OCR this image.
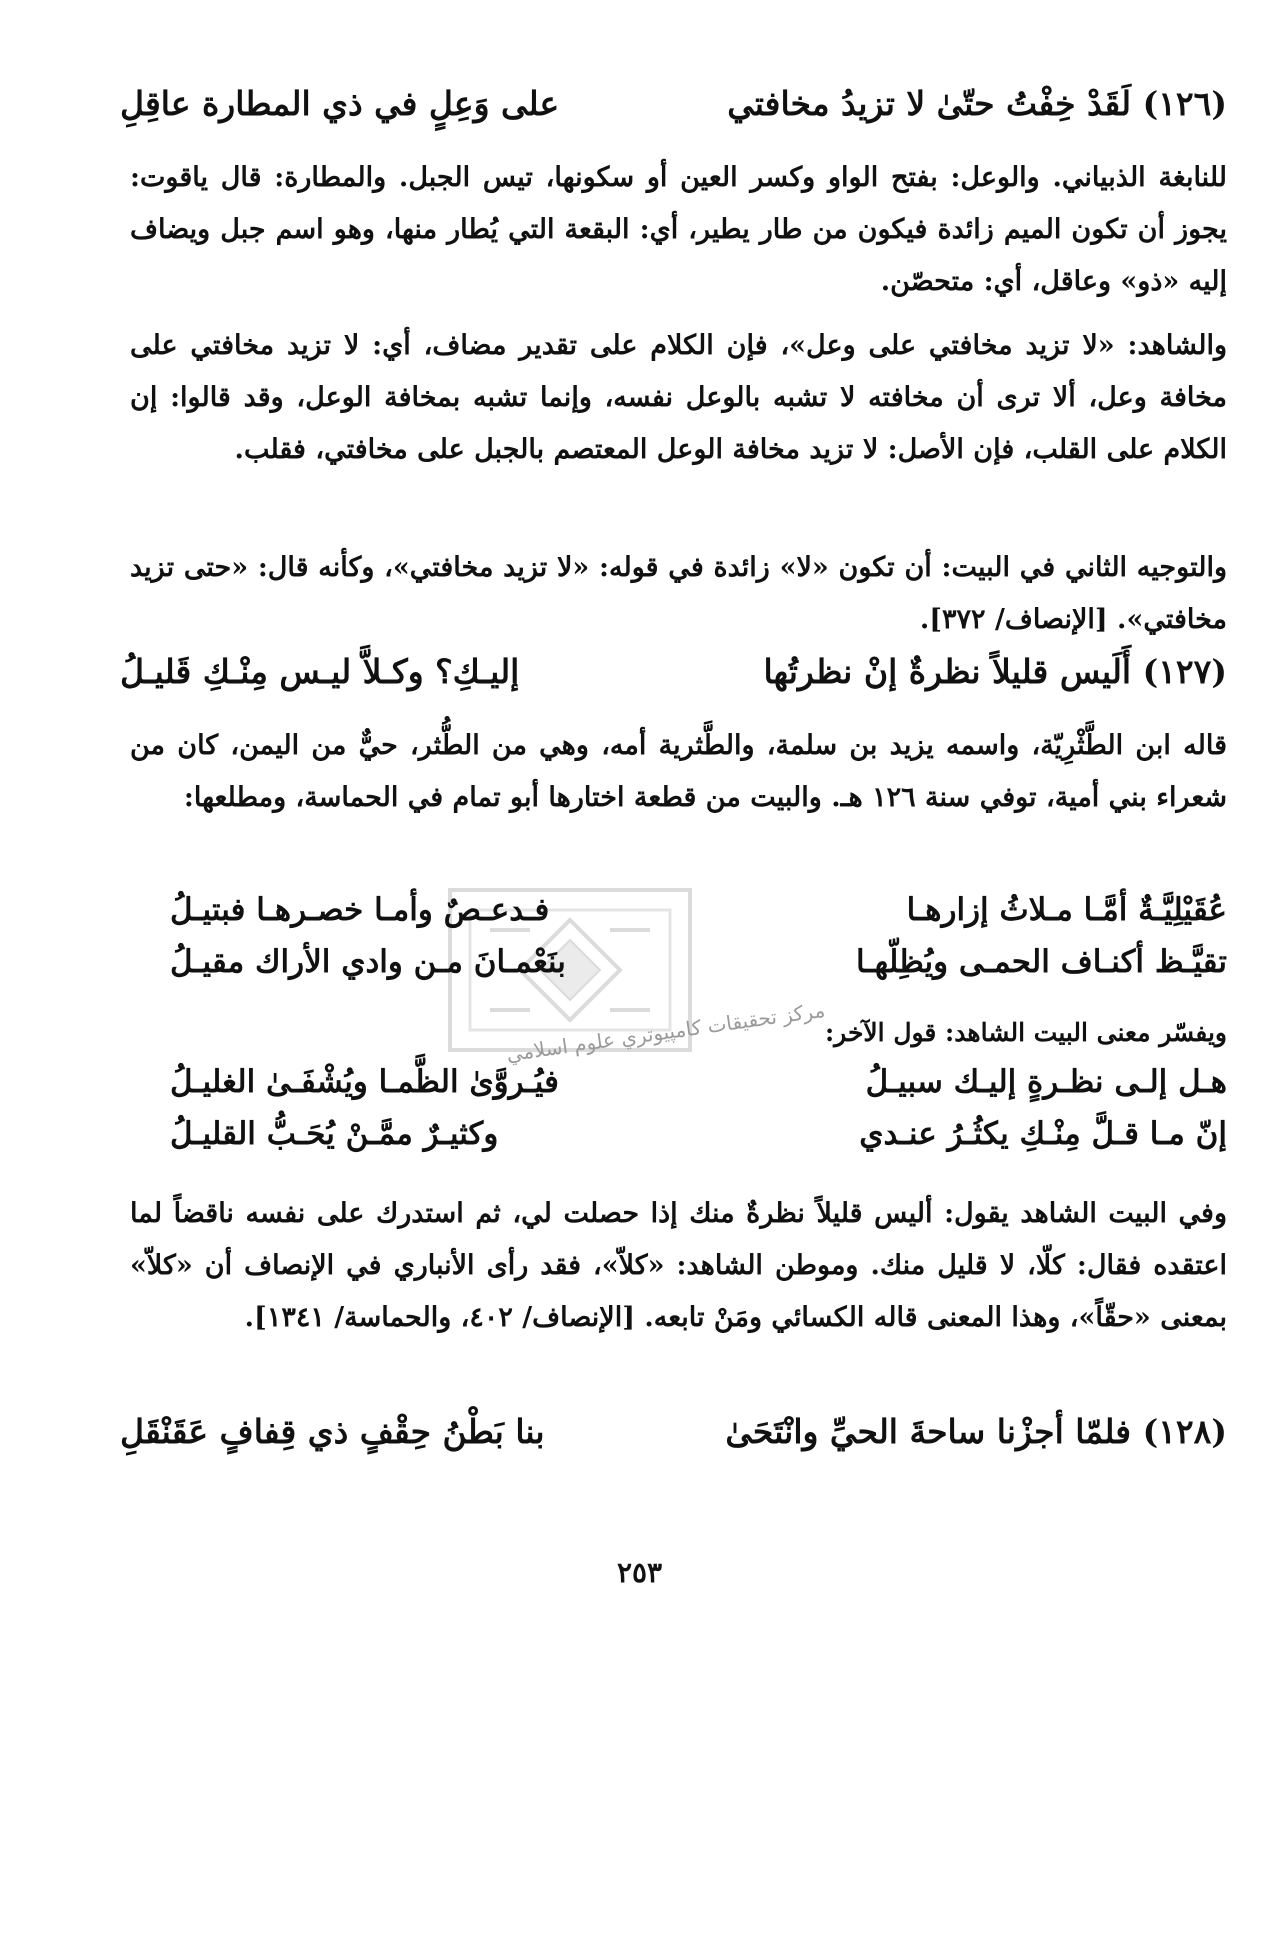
(١٢٦) لَقَدْ خِفْتُ حتّىٰ لا تزيدُ مخافتي
على وَعِلٍ في ذي المطارة عاقِلِ
للنابغة الذبياني. والوعل: بفتح الواو وكسر العين أو سكونها، تيس الجبل. والمطارة: قال ياقوت: يجوز أن تكون الميم زائدة فيكون من طار يطير، أي: البقعة التي يُطار منها، وهو اسم جبل ويضاف إليه «ذو» وعاقل، أي: متحصّن.
والشاهد: «لا تزيد مخافتي على وعل»، فإن الكلام على تقدير مضاف، أي: لا تزيد مخافتي على مخافة وعل، ألا ترى أن مخافته لا تشبه بالوعل نفسه، وإنما تشبه بمخافة الوعل، وقد قالوا: إن الكلام على القلب، فإن الأصل: لا تزيد مخافة الوعل المعتصم بالجبل على مخافتي، فقلب.
والتوجيه الثاني في البيت: أن تكون «لا» زائدة في قوله: «لا تزيد مخافتي»، وكأنه قال: «حتى تزيد مخافتي». [الإنصاف/ ٣٧٢].
(١٢٧) أَلَيس قليلاً نظرةٌ إنْ نظرتُها
إليـكِ؟ وكـلاَّ ليـس مِنْـكِ قَليـلُ
قاله ابن الطَّثْرِيّة، واسمه يزيد بن سلمة، والطَّثرية أمه، وهي من الطُّثر، حيٌّ من اليمن، كان من شعراء بني أمية، توفي سنة ١٢٦ هـ. والبيت من قطعة اختارها أبو تمام في الحماسة، ومطلعها:
مركز تحقيقات كامپيوتري علوم اسلامي
عُقَيْلِيَّـةٌ أمَّـا مـلاثُ إزارهـا
فـدعـصٌ وأمـا خصـرهـا فبتيـلُ
تقيَّـظ أكنـاف الحمـى ويُظِلّهـا
بنَعْمـانَ مـن وادي الأراك مقيـلُ
ويفسّر معنى البيت الشاهد: قول الآخر:
هـل إلـى نظـرةٍ إليـك سبيـلُ
فيُـروَّىٰ الظَّمـا ويُشْفَـىٰ الغليـلُ
إنّ مـا قـلَّ مِنْـكِ يكثُـرُ عنـدي
وكثيـرٌ ممَّـنْ يُحَـبُّ القليـلُ
وفي البيت الشاهد يقول: أليس قليلاً نظرةٌ منك إذا حصلت لي، ثم استدرك على نفسه ناقضاً لما اعتقده فقال: كلّا، لا قليل منك. وموطن الشاهد: «كلاّ»، فقد رأى الأنباري في الإنصاف أن «كلاّ» بمعنى «حقّاً»، وهذا المعنى قاله الكسائي ومَنْ تابعه. [الإنصاف/ ٤٠٢، والحماسة/ ١٣٤١].
(١٢٨) فلمّا أجزْنا ساحةَ الحيِّ وانْتَحَىٰ
بنا بَطْنُ حِقْفٍ ذي قِفافٍ عَقَنْقَلِ
٢٥٣
